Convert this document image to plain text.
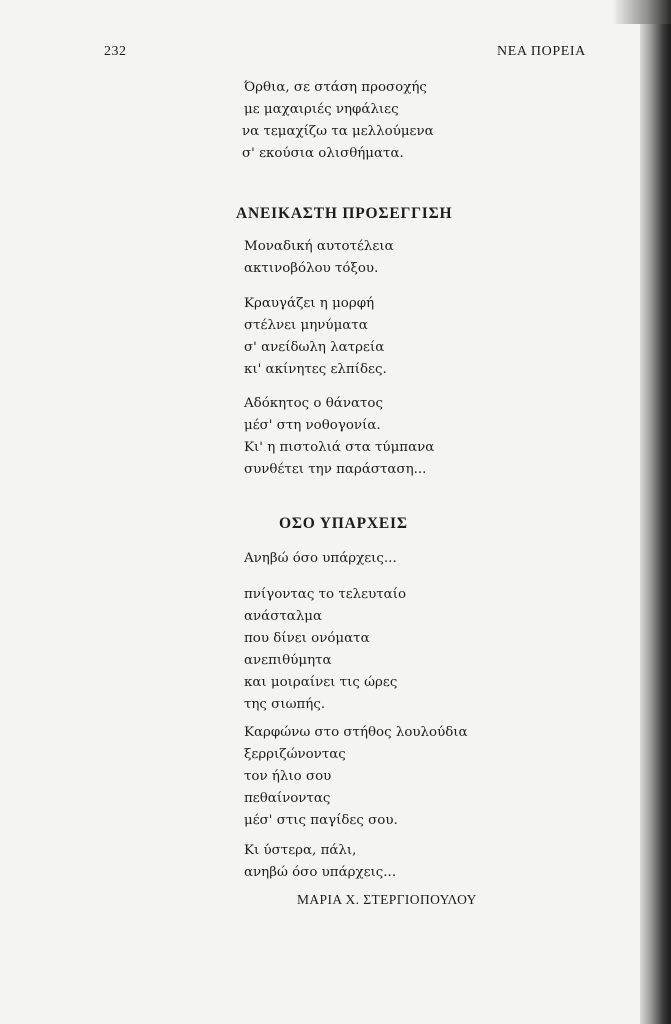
232	ΝΕΑ ΠΟΡΕΙΑ
Όρθια, σε στάση προσοχής
με μαχαιριές νηφάλιες
να τεμαχίζω τα μελλούμενα
σ' εκούσια ολισθήματα.
ΑΝΕΙΚΑΣΤΗ ΠΡΟΣΕΓΓΙΣΗ
Μοναδική αυτοτέλεια
ακτινοβόλου τόξου.
Κραυγάζει η μορφή
στέλνει μηνύματα
σ' ανείδωλη λατρεία
κι' ακίνητες ελπίδες.
Αδόκητος ο θάνατος
μέσ' στη νοθογονία.
Κι' η πιστολιά στα τύμπανα
συνθέτει την παράσταση...
ΟΣΟ ΥΠΑΡΧΕΙΣ
Ανηβώ όσο υπάρχεις...
πνίγοντας το τελευταίο
ανάσταλμα
που δίνει ονόματα
ανεπιθύμητα
και μοιραίνει τις ώρες
της σιωπής.
Καρφώνω στο στήθος λουλούδια
ξερριζώνοντας
τον ήλιο σου
πεθαίνοντας
μέσ' στις παγίδες σου.
Κι ύστερα, πάλι,
ανηβώ όσο υπάρχεις...

ΜΑΡΙΑ Χ. ΣΤΕΡΓΙΟΠΟΥΛΟΥ
